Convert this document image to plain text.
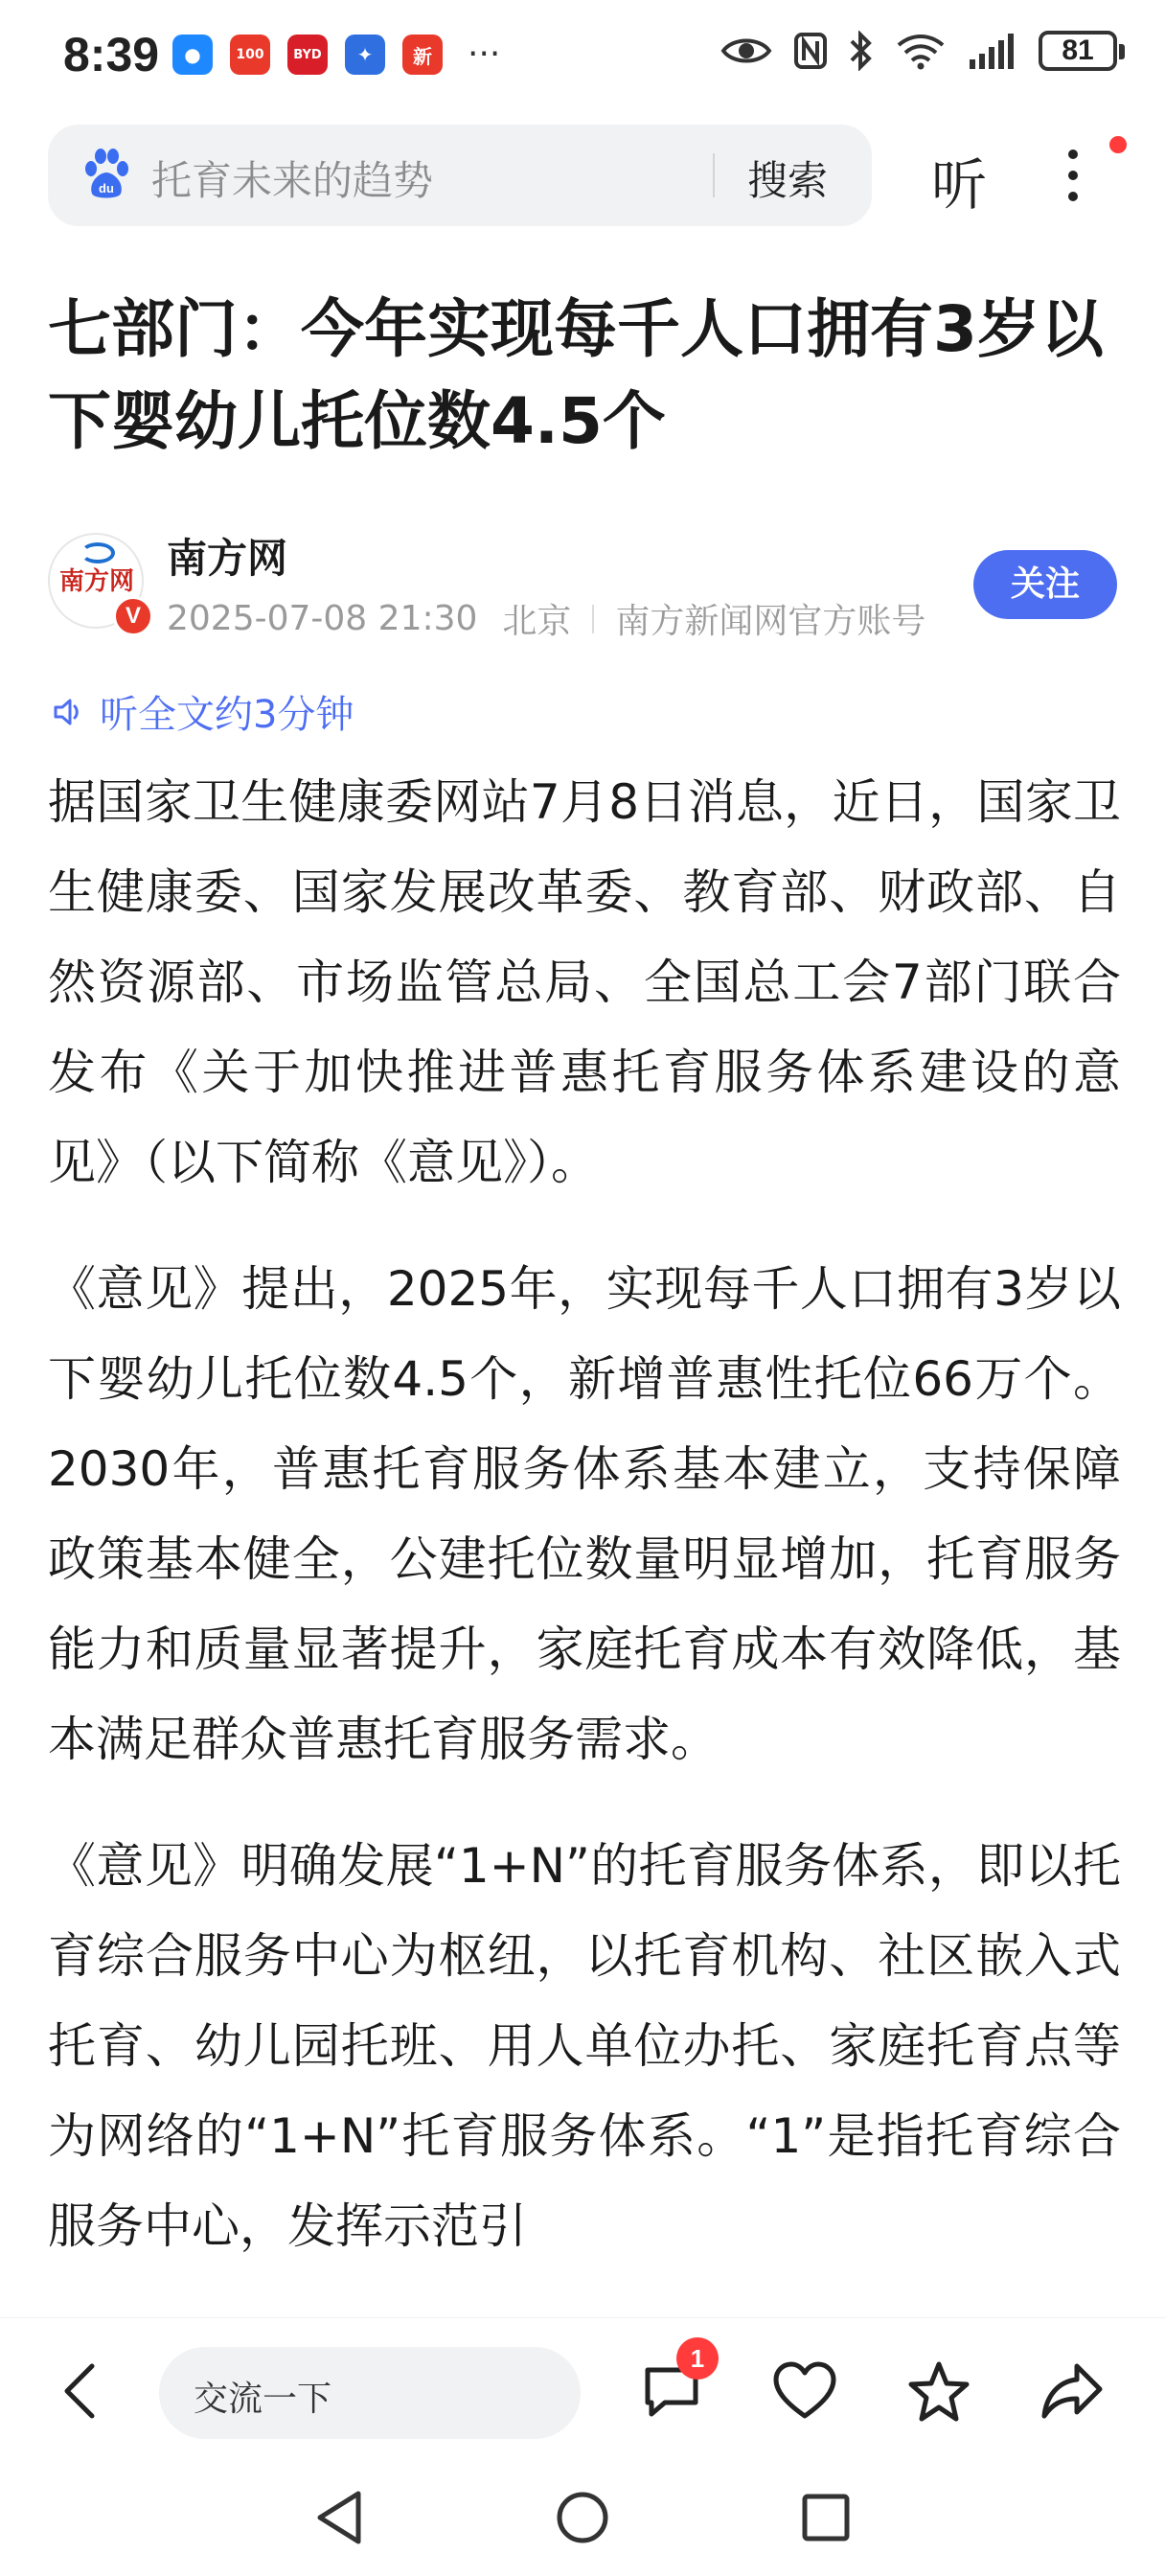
8:39	●	100	BYD	✦	新	···	81
du 托育未来的趋势	搜索 听
七部门：今年实现每千人口拥有3岁以下婴幼儿托位数4.5个
南方网
V
南方网
2025-07-08 21:30 北京 南方新闻网官方账号
关注
听全文约3分钟

据国家卫生健康委网站7月8日消息，近日，国家卫生健康委、国家发展改革委、教育部、财政部、自然资源部、市场监管总局、全国总工会7部门联合发布《关于加快推进普惠托育服务体系建设的意见》（以下简称《意见》）。

《意见》提出，2025年，实现每千人口拥有3岁以下婴幼儿托位数4.5个，新增普惠性托位66万个。2030年，普惠托育服务体系基本建立，支持保障政策基本健全，公建托位数量明显增加，托育服务能力和质量显著提升，家庭托育成本有效降低，基本满足群众普惠托育服务需求。

《意见》明确发展“1+N”的托育服务体系，即以托育综合服务中心为枢纽，以托育机构、社区嵌入式托育、幼儿园托班、用人单位办托、家庭托育点等为网络的“1+N”托育服务体系。“1”是指托育综合服务中心，发挥示范引

交流一下
1
